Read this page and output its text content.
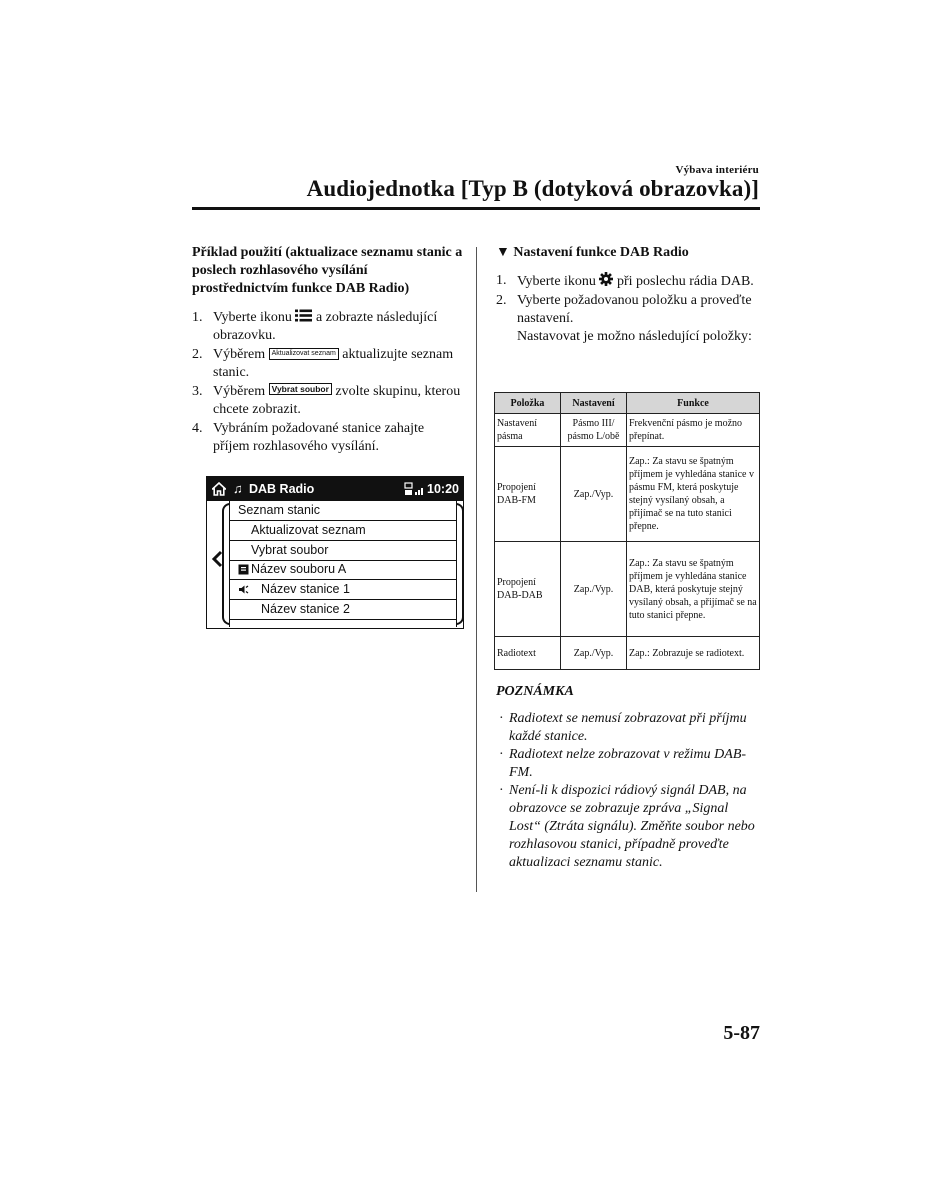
Výbava interiéru
Audiojednotka [Typ B (dotyková obrazovka)]
Příklad použití (aktualizace seznamu stanic a poslech rozhlasového vysílání prostřednictvím funkce DAB Radio)
1. Vyberte ikonu a zobrazte následující obrazovku.
2. Výběrem Aktualizovat seznam aktualizujte seznam stanic.
3. Výběrem Vybrat soubor zvolte skupinu, kterou chcete zobrazit.
4. Vybráním požadované stanice zahajte příjem rozhlasového vysílání.
♫ DAB Radio	10:20
Seznam stanic
Aktualizovat seznam
Vybrat soubor
Název souboru A
Název stanice 1
Název stanice 2
▼ Nastavení funkce DAB Radio
1. Vyberte ikonu při poslechu rádia DAB.
2. Vyberte požadovanou položku a proveďte nastavení.
Nastavovat je možno následující položky:
Položka	Nastavení	Funkce
Nastavení pásma	Pásmo III/ pásmo L/obě	Frekvenční pásmo je možno přepínat.
Propojení DAB-FM	Zap./Vyp.	Zap.: Za stavu se špatným příjmem je vyhledána stanice v pásmu FM, která poskytuje stejný vysílaný obsah, a přijímač se na tuto stanici přepne.
Propojení DAB-DAB	Zap./Vyp.	Zap.: Za stavu se špatným příjmem je vyhledána stanice DAB, která poskytuje stejný vysílaný obsah, a přijímač se na tuto stanici přepne.
Radiotext	Zap./Vyp.	Zap.: Zobrazuje se radiotext.
POZNÁMKA
· Radiotext se nemusí zobrazovat při příjmu každé stanice.
· Radiotext nelze zobrazovat v režimu DAB-FM.
· Není-li k dispozici rádiový signál DAB, na obrazovce se zobrazuje zpráva „Signal Lost“ (Ztráta signálu). Změňte soubor nebo rozhlasovou stanici, případně proveďte aktualizaci seznamu stanic.
5-87
